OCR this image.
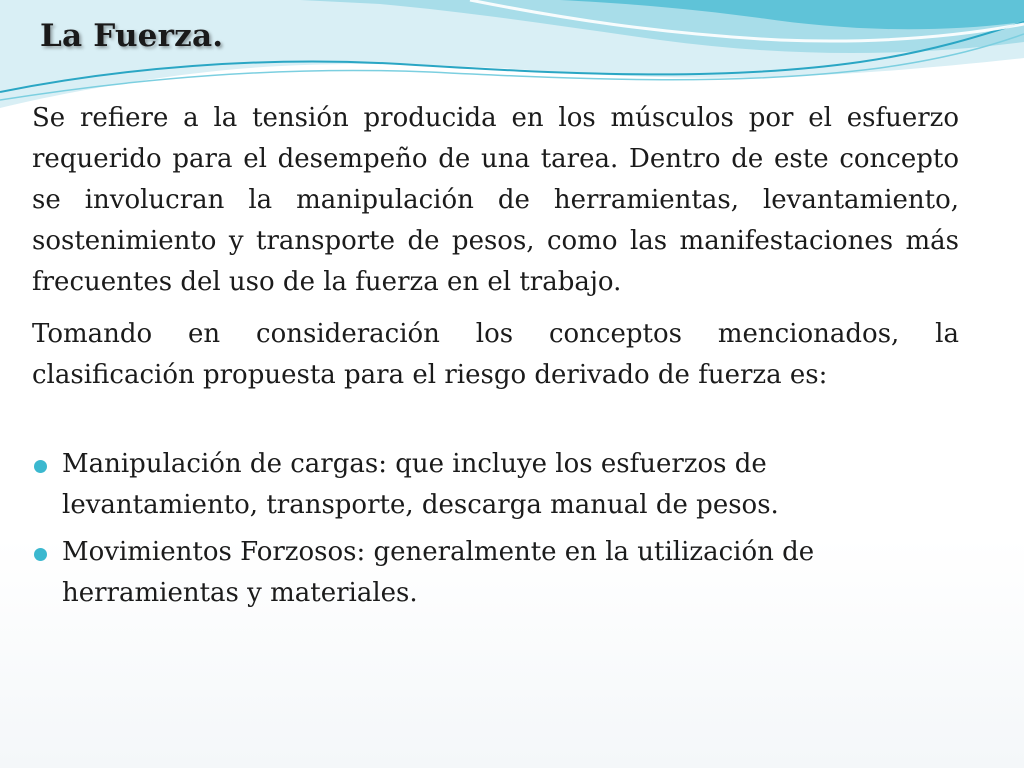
La Fuerza.

Se refiere a la tensión producida en los músculos por el esfuerzo requerido para el desempeño de una tarea. Dentro de este concepto se involucran la manipulación de herramientas, levantamiento, sostenimiento y transporte de pesos, como las manifestaciones más frecuentes del uso de la fuerza en el trabajo.

Tomando en consideración los conceptos mencionados, la clasificación propuesta para el riesgo derivado de fuerza es:

Manipulación de cargas: que incluye los esfuerzos de levantamiento, transporte, descarga manual de pesos.
Movimientos Forzosos: generalmente en la utilización de herramientas y materiales.
